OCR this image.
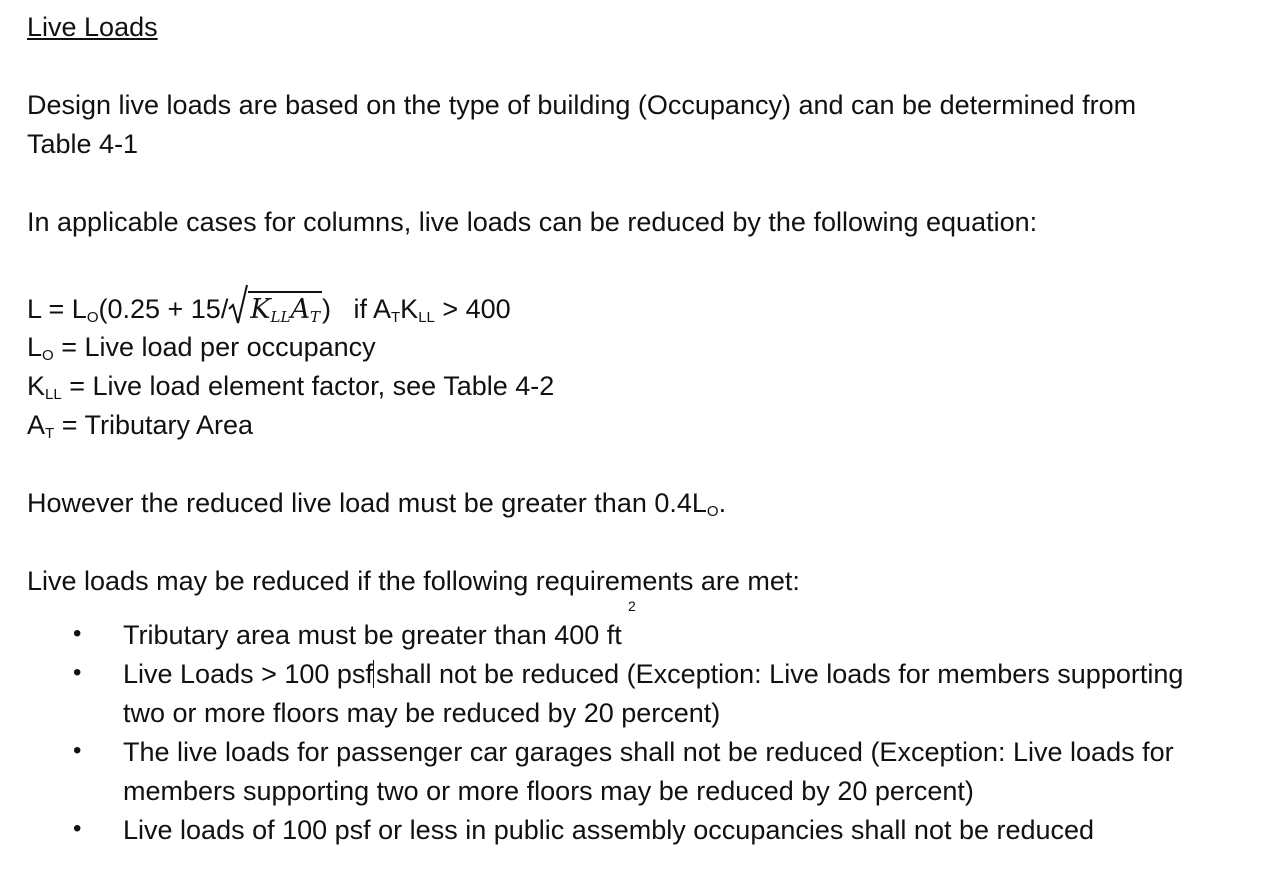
Live Loads
Design live loads are based on the type of building (Occupancy) and can be determined from
Table 4-1
In applicable cases for columns, live loads can be reduced by the following equation:
$L = L_O(0.25 + 15/$ $K_{LL}A_T$) if $A_TK_{LL} > 400$
$L_O$ = Live load per occupancy
$K_{LL}$ = Live load element factor, see Table 4-2
$A_T$ = Tributary Area
However the reduced live load must be greater than $0.4L_O$.
Live loads may be reduced if the following requirements are met:
• Tributary area must be greater than 400 ft
2
• Live Loads > 100 psf shall not be reduced (Exception: Live loads for members supporting
two or more floors may be reduced by 20 percent)
• The live loads for passenger car garages shall not be reduced (Exception: Live loads for
members supporting two or more floors may be reduced by 20 percent)
• Live loads of 100 psf or less in public assembly occupancies shall not be reduced
